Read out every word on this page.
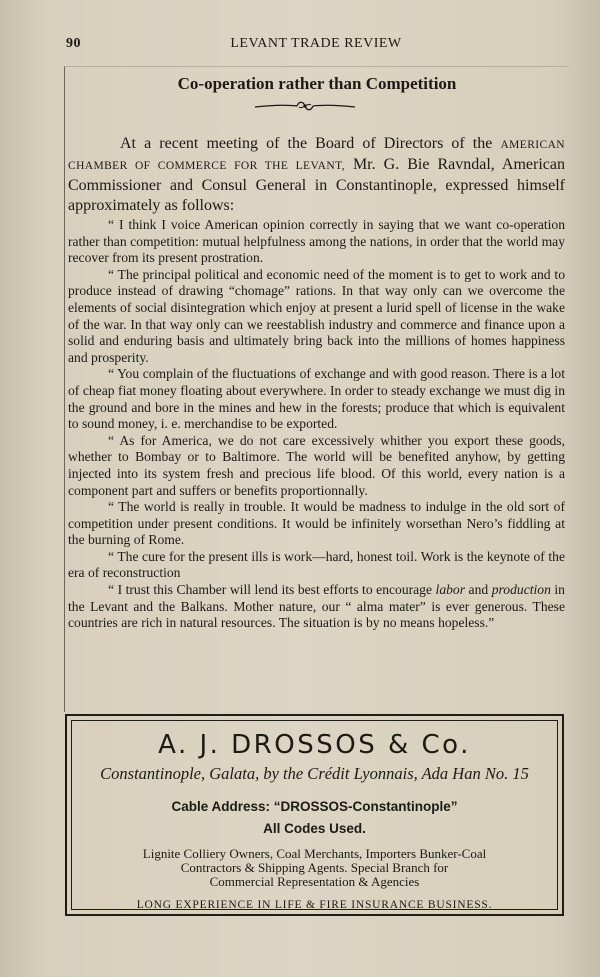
90	LEVANT TRADE REVIEW
Co-operation rather than Competition

At a recent meeting of the Board of Directors of the AMERICAN CHAMBER OF COMMERCE FOR THE LEVANT, Mr. G. Bie Ravndal, American Commissioner and Consul General in Constantinople, expressed himself approximately as follows:

“ I think I voice American opinion correctly in saying that we want co-operation rather than competition: mutual helpfulness among the nations, in order that the world may recover from its present prostration.

“ The principal political and economic need of the moment is to get to work and to produce instead of drawing “chomage” rations. In that way only can we overcome the elements of social disintegration which enjoy at present a lurid spell of license in the wake of the war. In that way only can we reestablish industry and commerce and finance upon a solid and enduring basis and ultimately bring back into the millions of homes happiness and prosperity.

“ You complain of the fluctuations of exchange and with good reason. There is a lot of cheap fiat money floating about everywhere. In order to steady exchange we must dig in the ground and bore in the mines and hew in the forests; produce that which is equivalent to sound money, i. e. merchandise to be exported.

“ As for America, we do not care excessively whither you export these goods, whether to Bombay or to Baltimore. The world will be benefited anyhow, by getting injected into its system fresh and precious life blood. Of this world, every nation is a component part and suffers or benefits proportionnally.

“ The world is really in trouble. It would be madness to indulge in the old sort of competition under present conditions. It would be infinitely worsethan Nero’s fiddling at the burning of Rome.

“ The cure for the present ills is work—hard, honest toil. Work is the keynote of the era of reconstruction

“ I trust this Chamber will lend its best efforts to encourage labor and production in the Levant and the Balkans. Mother nature, our “ alma mater” is ever generous. These countries are rich in natural resources. The situation is by no means hopeless.”

A. J. DROSSOS & Co.
Constantinople, Galata, by the Crédit Lyonnais, Ada Han No. 15
Cable Address: “DROSSOS-Constantinople”
All Codes Used.
Lignite Colliery Owners, Coal Merchants, Importers Bunker-Coal
Contractors & Shipping Agents. Special Branch for
Commercial Representation & Agencies
LONG EXPERIENCE IN LIFE & FIRE INSURANCE BUSINESS.
